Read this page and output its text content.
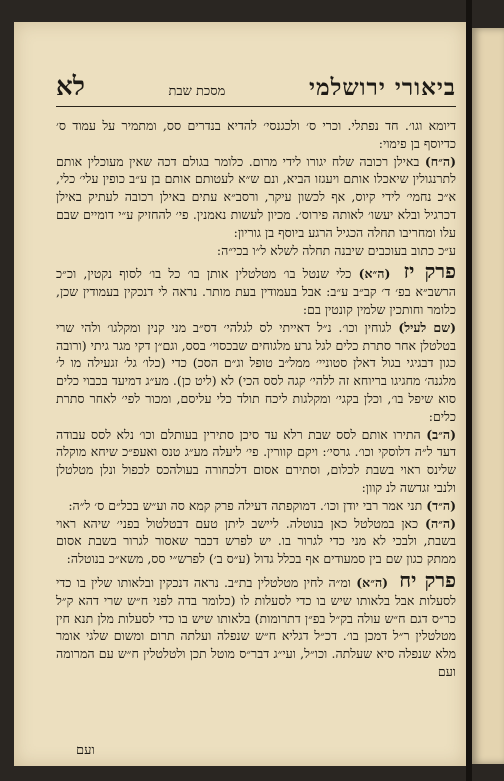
ביאורי ירושלמי
מסכת שבת
לא

דיומא וגו׳. חד נפתלי. וכרי ס׳ ולכגנסי׳ להדיא בנדרים סס, ומתמיר על עמוד ס׳ כדיוסף בן פימוי:

(ה״ח) באילן רכובה שלח יגורו לידי מרום. כלומר בגולם דכה שאין מעוכלין אותם לתרנגולין שיאכלו אותם ויעגזו הביא, ונם ש״א לעטותם אותם בן ע״ב כופין עלי׳ כלי, א״כ נחמי׳ לידי קיוס, אף לכשון עיקר, ורסב״א עתים באילן רכובה לעתיק באילן דכרגיל ובלא יעשו׳ לאותה פירוס׳. מכיון לעשות נאמנין. פי׳ להחזיק ע״י דומיים שבם עלו ומחריבו תחלה הכגיל הרגע ביוסף בן גוריון:

ע״כ כתוב בעוכבים שיבנה תחלה לשלא ל״ו בכי״ה:

פרק יז (ה״א) כלי שנטל בו׳ מטלטלין אותן בו׳ כל בו׳ לסוף נקטין, וכ״כ הרשב״א בפ׳ ד׳ קב״ב ע״ב: אבל בעמודין בעת מותר. נראה לי דנכקין בעמודין שכן, כלומר וחותכין שלמין קונטין בם:

(שם לעיל) לגוחין וכו׳. נ״ל דאייתי לס לגלהי׳ דס״ב מני קנין ומקלגו׳ ולהי שרי בטלטלן אחר סתרת כלים לגל גרע מלגוחים שבכסוי׳ בסס, וגם״ן דקי מגר גיתי (ורובה כגון דבגיגי בגול דאלן סטוניי׳ ממל״ב טופל וג״ם הסכ) כדי (כלו׳ גל׳ זגעילה מו ל׳ מלגנה׳ מחגיגו בריוחא זה ללהי׳ קגה לסס הכי) לא (ליט כן). מע״ג דמיעד בכבוי כלים סוא שיפל בו׳, וכלן בקגי׳ ומקלגות ליכח תולד כלי עליסם, ומכור לפי׳ לאחר סתרת כלים:

(ה״ב) התירו אותם לסס שבת רלא עד סיכן סתירין בעותלם וכו׳ נלא לסס עבודה דעד ל״ה דלוסקי וכו׳. גרסי׳: ויקם קוורין. פי׳ ליעלה מע״ג טנס ואעפ״כ שיחא מוקלה שלינס ראוי בשבת לכלום, וסתירם אסום דלכחורה בעולהכס לכפול ונלן מטלטלן ולנבי זגדשה לנ קוון:

(ה״ד) תני אמר רבי יודן וכו׳. דמוקפתה דעילה פרק קמא סה וע״ש בכל״ם ס׳ ל״ה:

(ה״ה) כאן במטלטל כאן בנוטלה. ליישב ליתן טעם דבטלטול בפני׳ שיהא ראוי בשבת, ולבכי לא מני כדי לגרור בו. יש לפרש דכבר שאסור לגרור בשבת אסום ממתק כגון שם בין סמעודים אף בכלל גדול (ע״ס ב׳) לפרש״י סס, משא״כ בנוטלה:

פרק יח (ה״א) ומ״ה לחין מטלטלין בת״ב. נראה דנכקין ובלאותו שלין בו כדי לסעלות אבל בלאותו שיש בו כדי לסעלות לו (כלומר בדה לפני ח״ש שרי דהא ק״ל כר״ס דגם ח״ש עולה בק״ל בפ״ן דתרומות) בלאותו שיש בו כדי לסעלות מלן תנא חין מטלטלין ר״ל דמכן בו׳. דכ״ל דגליא ח״ש שנפלה ועלתה תרום ומשום שלגי אומר מלא שנפלה סיא שעלתה. וכו״ל, ועי״ג דבר״ס מוטל תכן ולטלטלין ח״ש עם המרומה ועם

ועם
